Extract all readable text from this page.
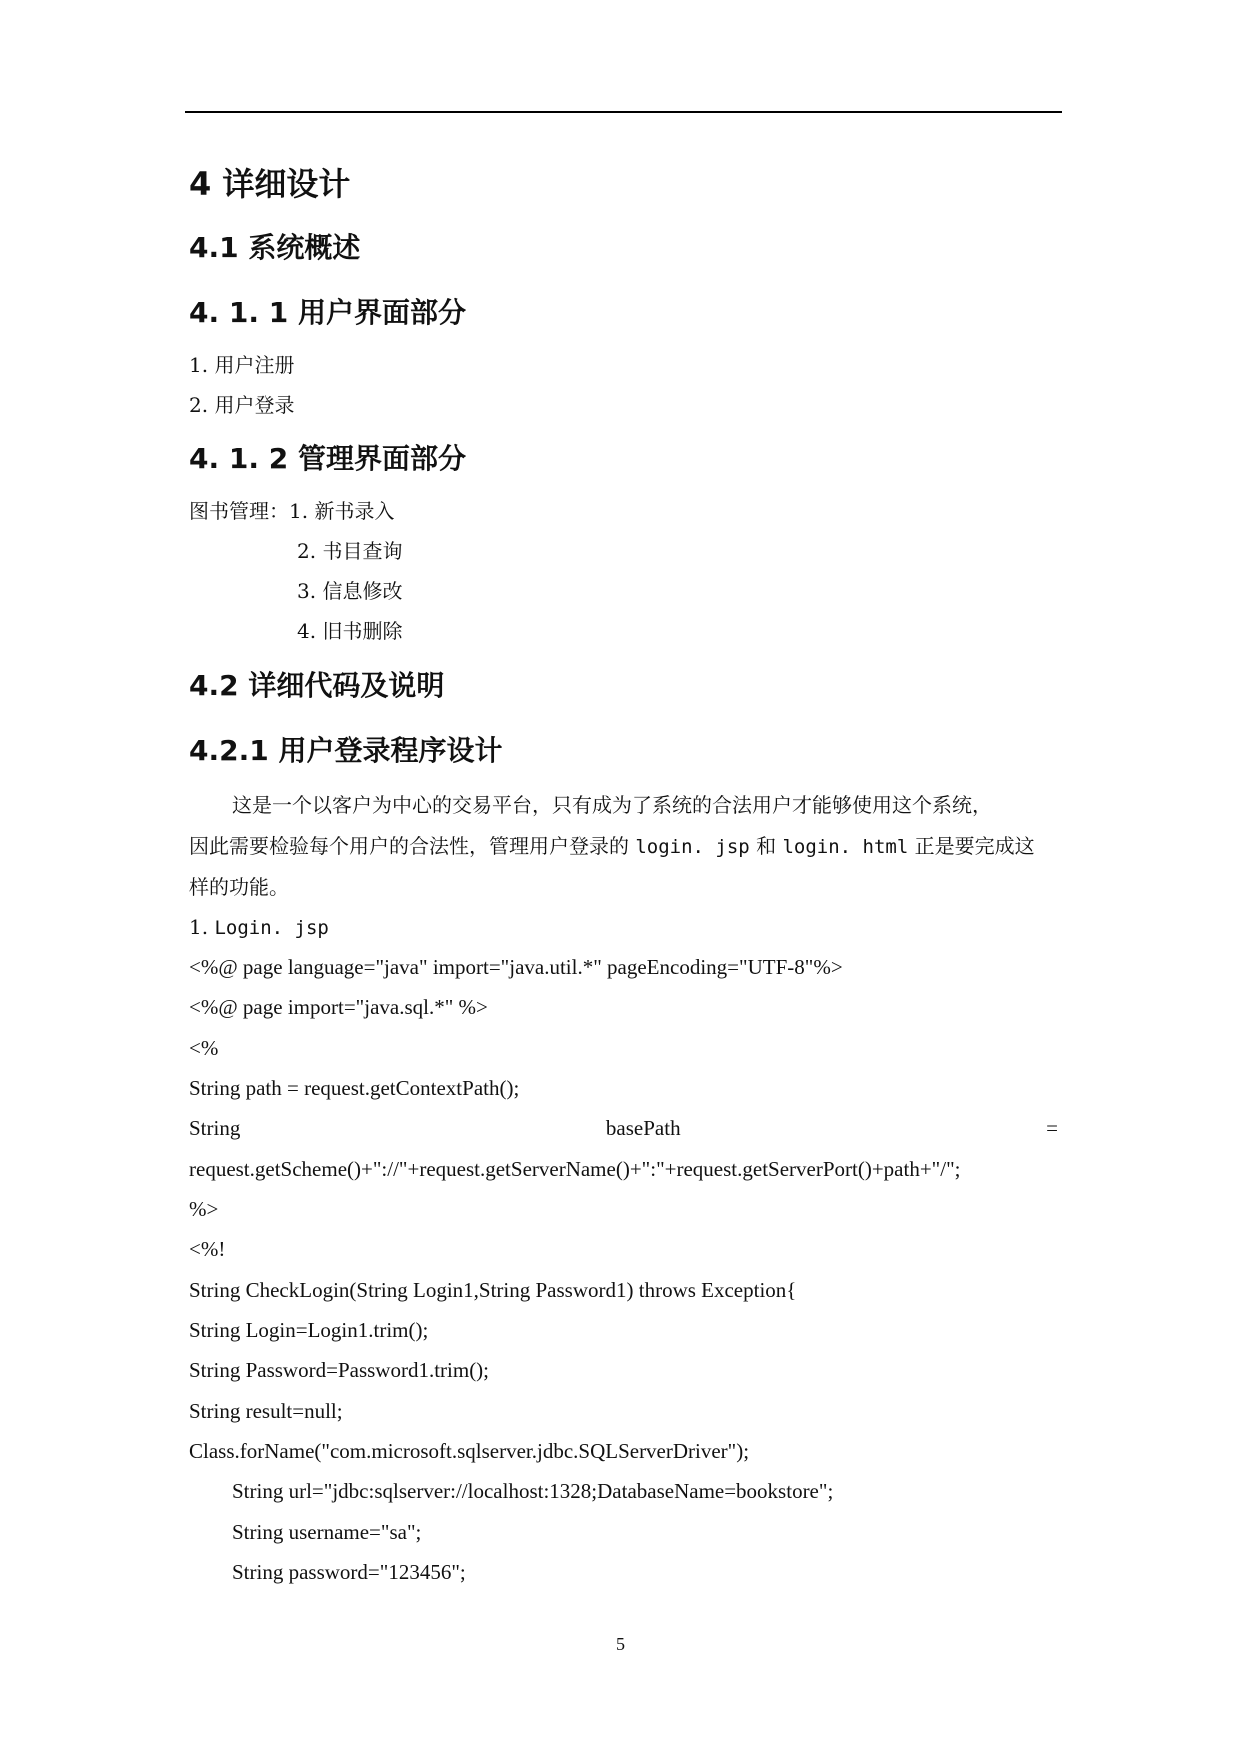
4 详细设计
4.1 系统概述
4. 1. 1 用户界面部分
1. 用户注册
2. 用户登录
4. 1. 2 管理界面部分
图书管理：1. 新书录入
2. 书目查询
3. 信息修改
4. 旧书删除
4.2 详细代码及说明
4.2.1 用户登录程序设计
这是一个以客户为中心的交易平台，只有成为了系统的合法用户才能够使用这个系统，
因此需要检验每个用户的合法性，管理用户登录的 login. jsp 和 login. html 正是要完成这
样的功能。
1. Login. jsp
<%@ page language="java" import="java.util.*" pageEncoding="UTF-8"%>
<%@ page import="java.sql.*" %>
<%
String path = request.getContextPath();
String	basePath	=
request.getScheme()+"://"+request.getServerName()+":"+request.getServerPort()+path+"/";
%>
<%!
String CheckLogin(String Login1,String Password1) throws Exception{
String Login=Login1.trim();
String Password=Password1.trim();
String result=null;
Class.forName("com.microsoft.sqlserver.jdbc.SQLServerDriver");
String url="jdbc:sqlserver://localhost:1328;DatabaseName=bookstore";
String username="sa";
String password="123456";
5
